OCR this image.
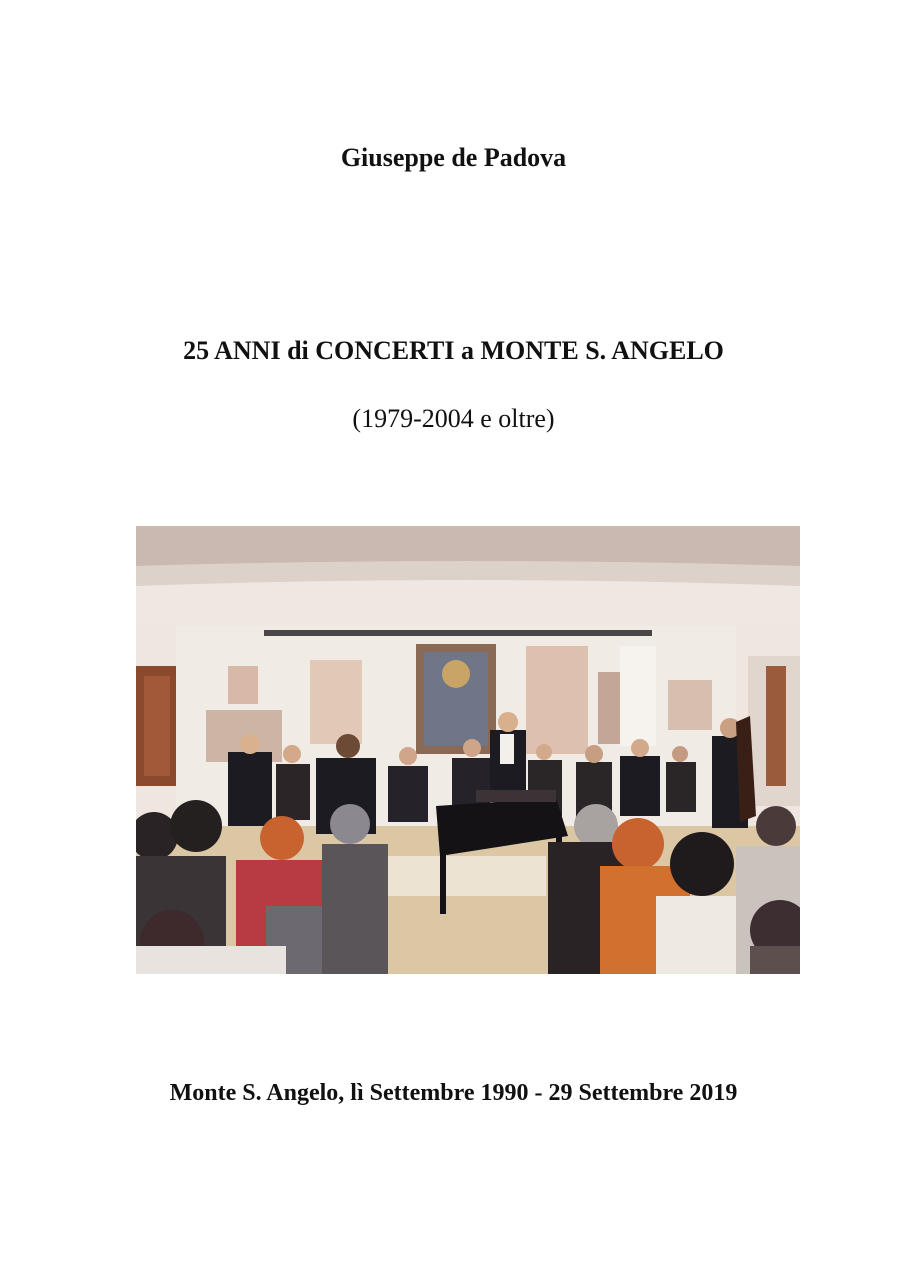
Giuseppe de Padova
25 ANNI di CONCERTI a MONTE S. ANGELO
(1979-2004 e oltre)
Monte S. Angelo, lì Settembre 1990 - 29 Settembre 2019
